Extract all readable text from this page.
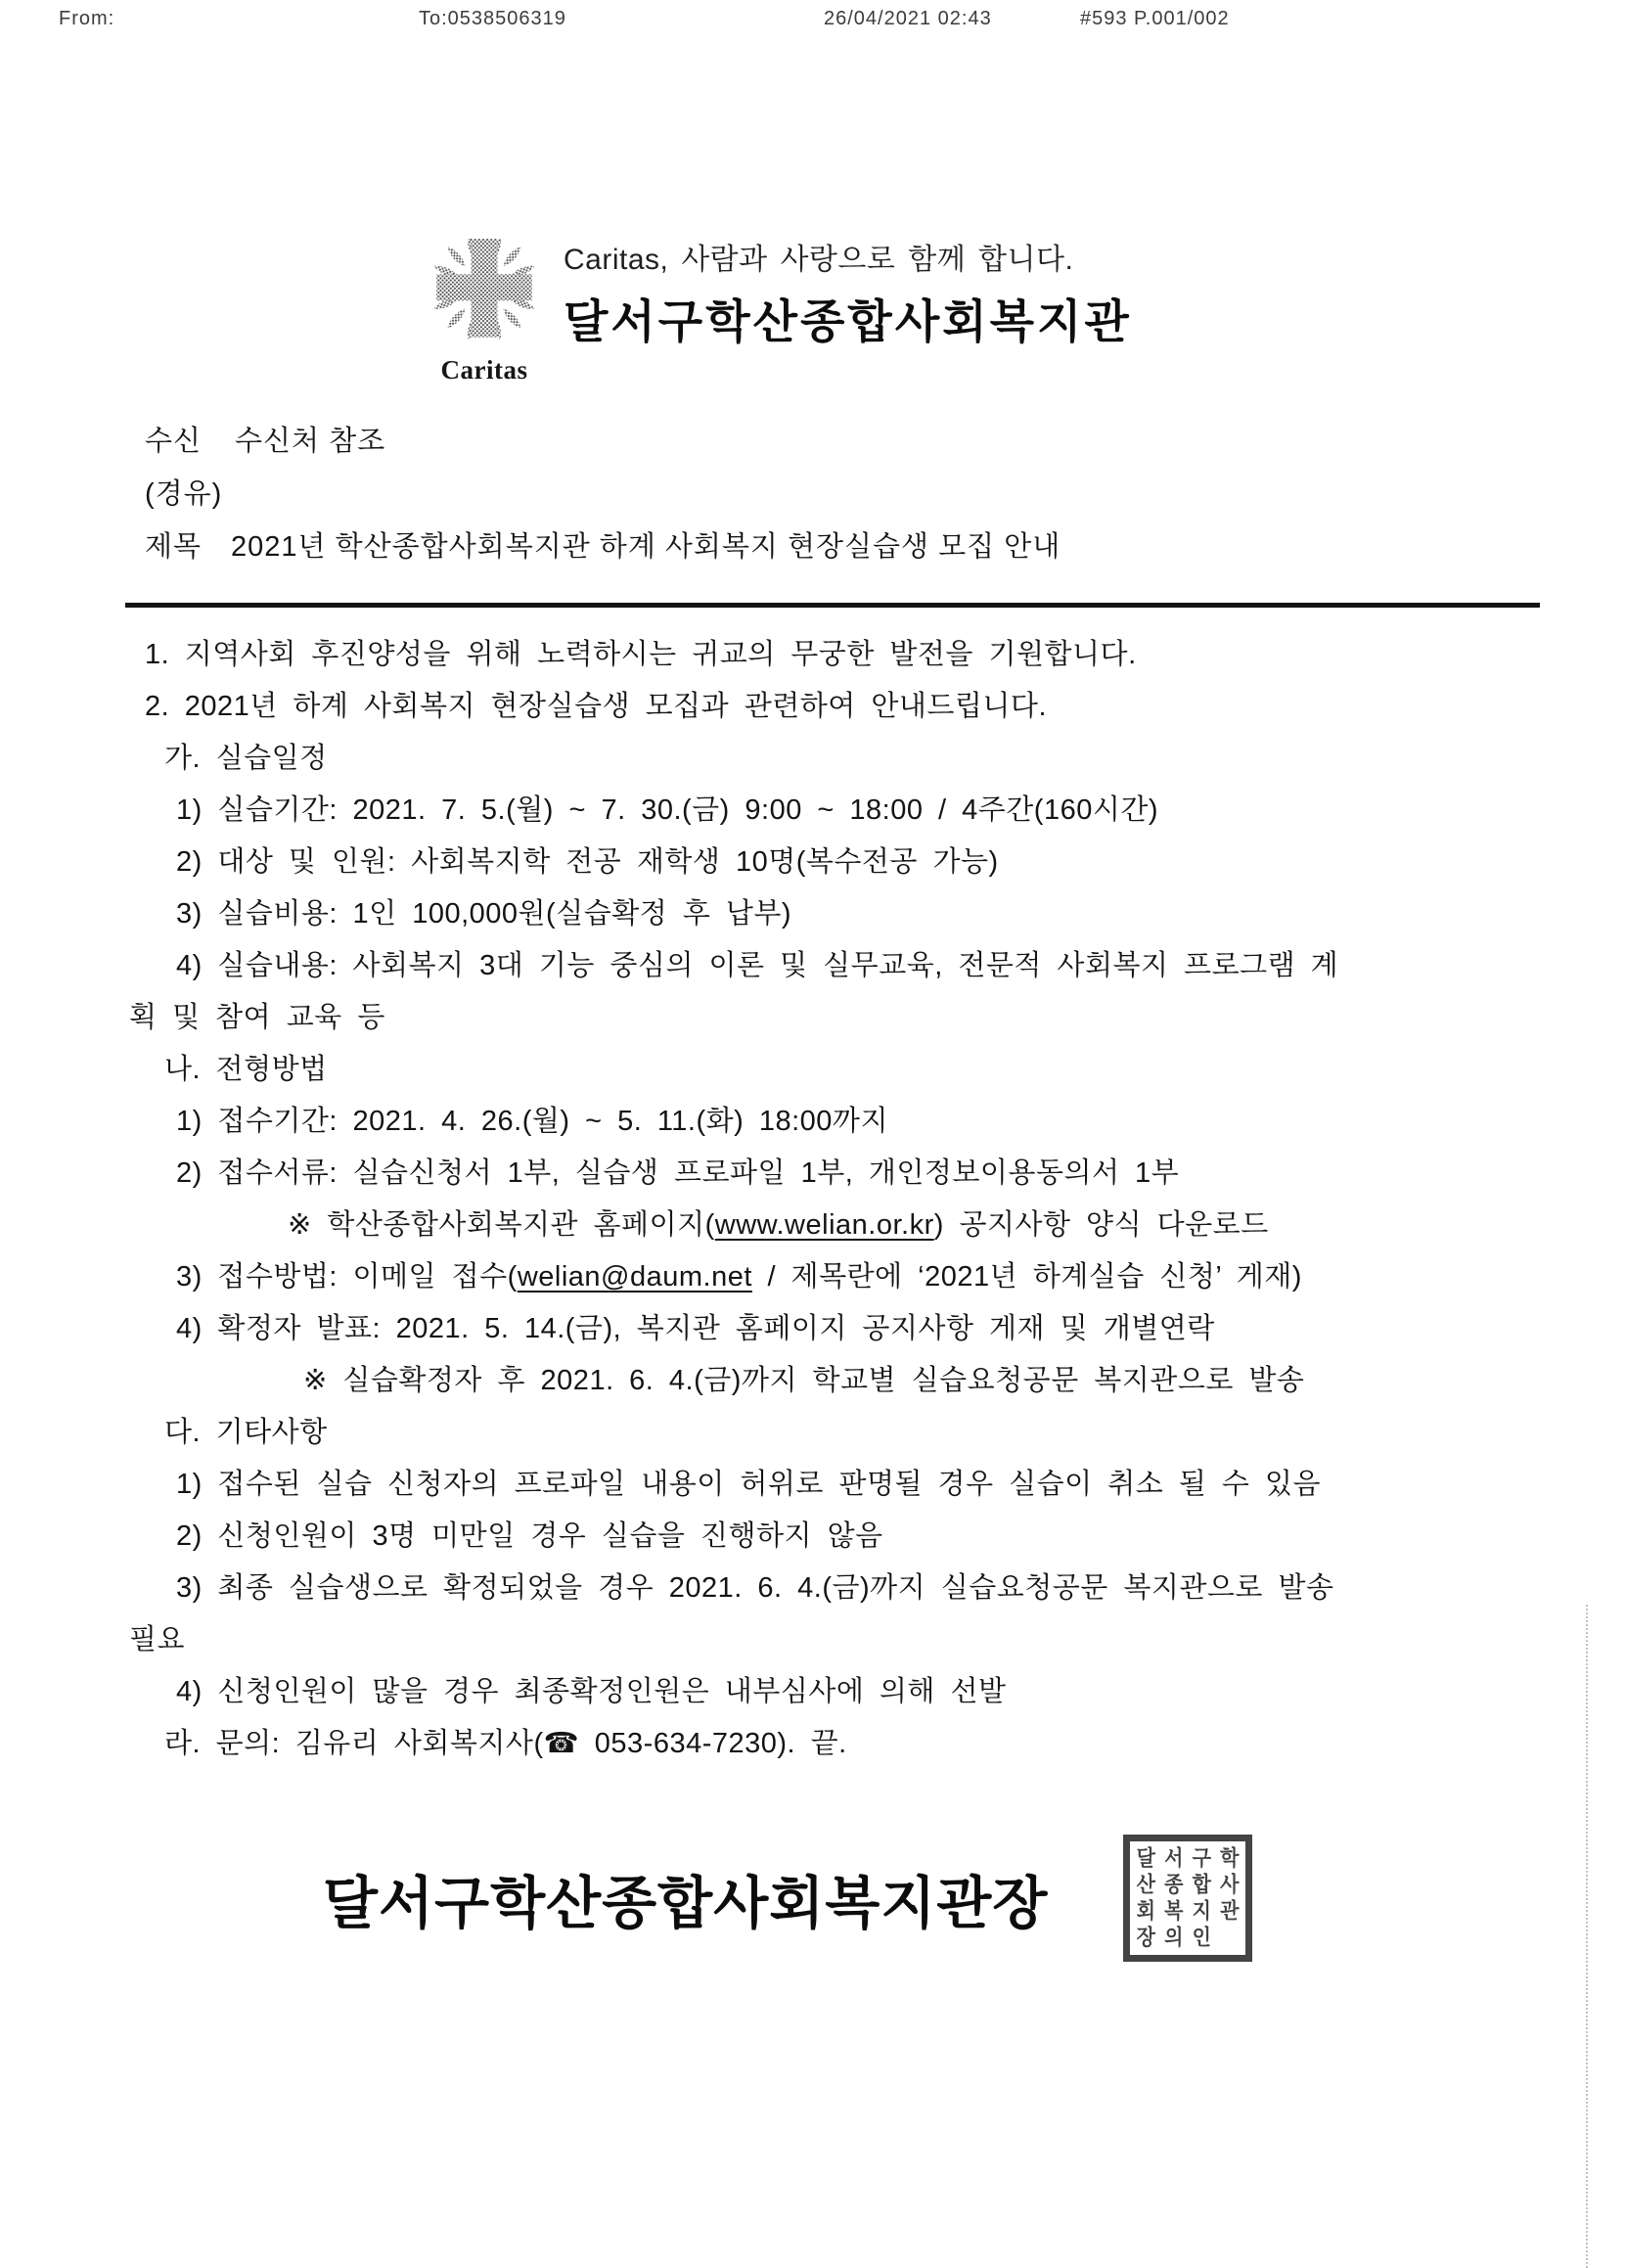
From:	To:0538506319	26/04/2021 02:43	#593 P.001/002
Caritas
Caritas, 사람과 사랑으로 함께 합니다.
달서구학산종합사회복지관
수신 수신처 참조
(경유)
제목 2021년 학산종합사회복지관 하계 사회복지 현장실습생 모집 안내
1. 지역사회 후진양성을 위해 노력하시는 귀교의 무궁한 발전을 기원합니다.
2. 2021년 하계 사회복지 현장실습생 모집과 관련하여 안내드립니다.
가. 실습일정
1) 실습기간: 2021. 7. 5.(월) ~ 7. 30.(금) 9:00 ~ 18:00 / 4주간(160시간)
2) 대상 및 인원: 사회복지학 전공 재학생 10명(복수전공 가능)
3) 실습비용: 1인 100,000원(실습확정 후 납부)
4) 실습내용: 사회복지 3대 기능 중심의 이론 및 실무교육, 전문적 사회복지 프로그램 계
획 및 참여 교육 등
나. 전형방법
1) 접수기간: 2021. 4. 26.(월) ~ 5. 11.(화) 18:00까지
2) 접수서류: 실습신청서 1부, 실습생 프로파일 1부, 개인정보이용동의서 1부
※ 학산종합사회복지관 홈페이지(www.welian.or.kr) 공지사항 양식 다운로드
3) 접수방법: 이메일 접수(welian@daum.net / 제목란에 ‘2021년 하계실습 신청’ 게재)
4) 확정자 발표: 2021. 5. 14.(금), 복지관 홈페이지 공지사항 게재 및 개별연락
※ 실습확정자 후 2021. 6. 4.(금)까지 학교별 실습요청공문 복지관으로 발송
다. 기타사항
1) 접수된 실습 신청자의 프로파일 내용이 허위로 판명될 경우 실습이 취소 될 수 있음
2) 신청인원이 3명 미만일 경우 실습을 진행하지 않음
3) 최종 실습생으로 확정되었을 경우 2021. 6. 4.(금)까지 실습요청공문 복지관으로 발송
필요
4) 신청인원이 많을 경우 최종확정인원은 내부심사에 의해 선발
라. 문의: 김유리 사회복지사(☎ 053-634-7230). 끝.
달서구학산종합사회복지관장
달 서 구 학
산 종 합 사
회 복 지 관
장 의 인
